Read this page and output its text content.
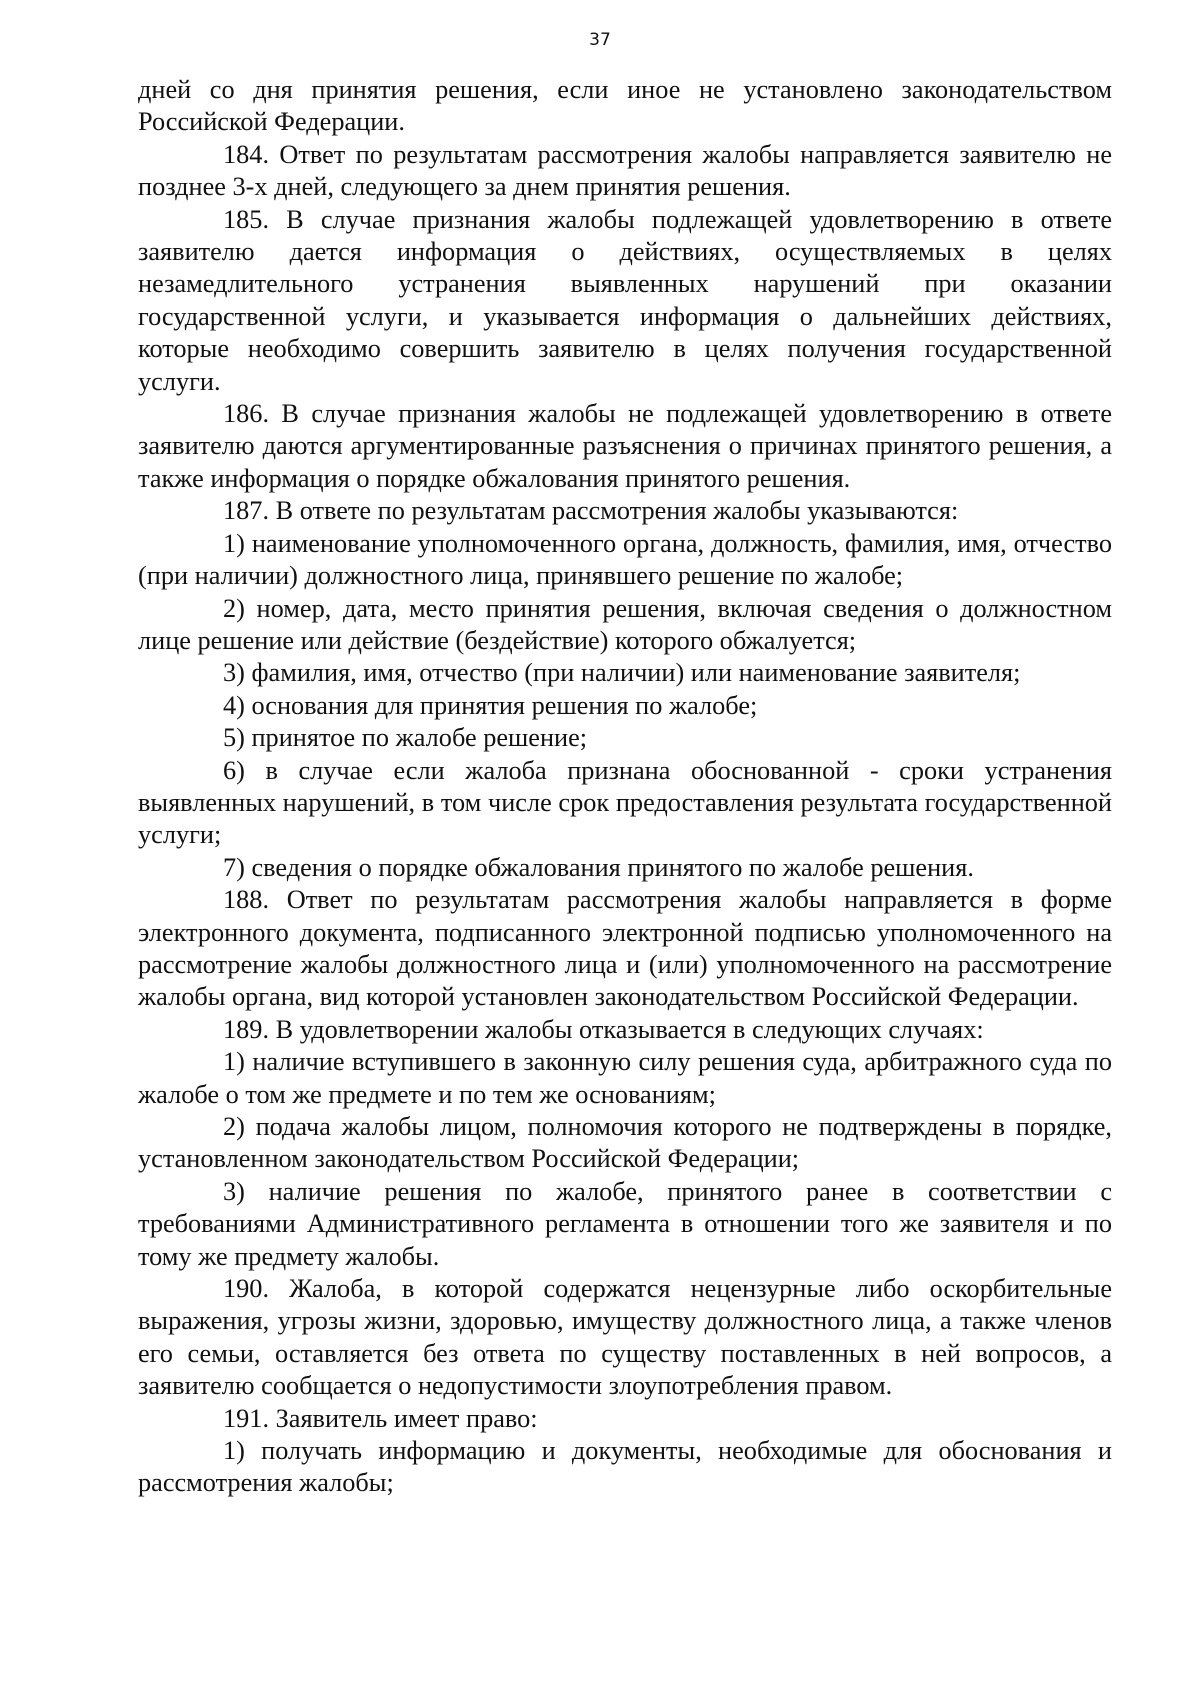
37

дней со дня принятия решения, если иное не установлено законодательством Российской Федерации.

184. Ответ по результатам рассмотрения жалобы направляется заявителю не позднее 3-х дней, следующего за днем принятия решения.

185. В случае признания жалобы подлежащей удовлетворению в ответе заявителю дается информация о действиях, осуществляемых в целях незамедлительного устранения выявленных нарушений при оказании государственной услуги, и указывается информация о дальнейших действиях, которые необходимо совершить заявителю в целях получения государственной услуги.

186. В случае признания жалобы не подлежащей удовлетворению в ответе заявителю даются аргументированные разъяснения о причинах принятого решения, а также информация о порядке обжалования принятого решения.

187. В ответе по результатам рассмотрения жалобы указываются:

1) наименование уполномоченного органа, должность, фамилия, имя, отчество (при наличии) должностного лица, принявшего решение по жалобе;

2) номер, дата, место принятия решения, включая сведения о должностном лице решение или действие (бездействие) которого обжалуется;

3) фамилия, имя, отчество (при наличии) или наименование заявителя;

4) основания для принятия решения по жалобе;

5) принятое по жалобе решение;

6) в случае если жалоба признана обоснованной - сроки устранения выявленных нарушений, в том числе срок предоставления результата государственной услуги;

7) сведения о порядке обжалования принятого по жалобе решения.

188. Ответ по результатам рассмотрения жалобы направляется в форме электронного документа, подписанного электронной подписью уполномоченного на рассмотрение жалобы должностного лица и (или) уполномоченного на рассмотрение жалобы органа, вид которой установлен законодательством Российской Федерации.

189. В удовлетворении жалобы отказывается в следующих случаях:

1) наличие вступившего в законную силу решения суда, арбитражного суда по жалобе о том же предмете и по тем же основаниям;

2) подача жалобы лицом, полномочия которого не подтверждены в порядке, установленном законодательством Российской Федерации;

3) наличие решения по жалобе, принятого ранее в соответствии с требованиями Административного регламента в отношении того же заявителя и по тому же предмету жалобы.

190. Жалоба, в которой содержатся нецензурные либо оскорбительные выражения, угрозы жизни, здоровью, имуществу должностного лица, а также членов его семьи, оставляется без ответа по существу поставленных в ней вопросов, а заявителю сообщается о недопустимости злоупотребления правом.

191. Заявитель имеет право:

1) получать информацию и документы, необходимые для обоснования и рассмотрения жалобы;
